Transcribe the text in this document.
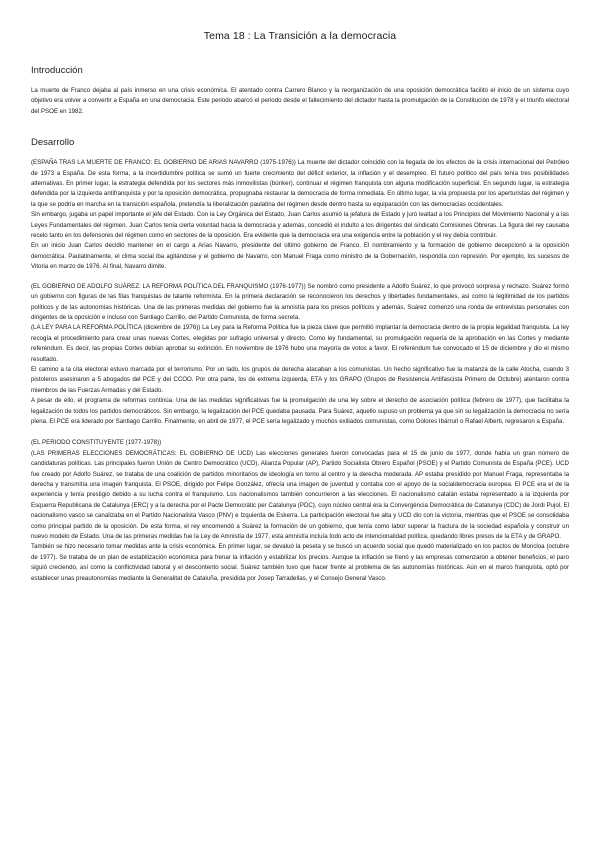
Tema 18 : La Transición a la democracia
Introducción

La muerte de Franco dejaba al país inmerso en una crisis económica. El atentado contra Carrero Blanco y la reorganización de una oposición democrática facilitó el inicio de un sistema cuyo objetivo era volver a convertir a España en una democracia. Este periodo abarcó el periodo desde el fallecimiento del dictador hasta la promulgación de la Constitución de 1978 y el triunfo electoral del PSOE en 1982.

Desarrollo

(ESPAÑA TRAS LA MUERTE DE FRANCO: EL GOBIERNO DE ARIAS NAVARRO (1975-1976)) La muerte del dictador coincidió con la llegada de los efectos de la crisis internacional del Petróleo de 1973 a España. De esta forma, a la incertidumbre política se sumó un fuerte crecimiento del déficit exterior, la inflación y el desempleo. El futuro político del país tenía tres posibilidades alternativas. En primer lugar, la estrategia defendida por los sectores más inmovilistas (búnker), continuar el régimen franquista con alguna modificación superficial. En segundo lugar, la estrategia defendida por la izquierda antifranquista y por la oposición democrática, propugnaba restaurar la democracia de forma inmediata. En último lugar, la vía propuesta por los aperturistas del régimen y la que se podría en marcha en la transición española, pretendía la liberalización paulatina del régimen desde dentro hasta su equiparación con las democracias occidentales.

Sin embargo, jugaba un papel importante el jefe del Estado. Con la Ley Orgánica del Estado, Juan Carlos asumió la jefatura de Estado y juró lealtad a los Principios del Movimiento Nacional y a las Leyes Fundamentales del régimen. Juan Carlos tenía cierta voluntad hacia la democracia y además, concedió el indulto a los dirigentes del sindicato Comisiones Obreras. La figura del rey causaba recelo tanto en los defensores del régimen como en sectores de la oposición. Era evidente que la democracia era una exigencia entre la población y el rey debía contribuir.

En un inicio Juan Carlos decidió mantener en el cargo a Arias Navarro, presidente del último gobierno de Franco. El nombramiento y la formación de gobierno decepcionó a la oposición democrática. Paulatinamente, el clima social iba agitándose y el gobierno de Navarro, con Manuel Fraga como ministro de la Gobernación, respondía con represión. Por ejemplo, los sucesos de Vitoria en marzo de 1976. Al final, Navarro dimite.

(EL GOBIERNO DE ADOLFO SUÁREZ: LA REFORMA POLÍTICA DEL FRANQUISMO (1976-1977)) Se nombró como presidente a Adolfo Suárez, lo que provocó sorpresa y rechazo. Suárez formó un gobierno con figuras de las filas franquistas de talante reformista. En la primera declaración se reconocieron los derechos y libertades fundamentales, así como la legitimidad de los partidos políticos y de las autonomías históricas. Una de las primeras medidas del gobierno fue la amnistía para los presos políticos y además, Suárez comenzó una ronda de entrevistas personales con dirigentes de la oposición e incluso con Santiago Carrillo, del Partido Comunista, de forma secreta.

(LA LEY PARA LA REFORMA POLÍTICA (diciembre de 1976)) La Ley para la Reforma Política fue la pieza clave que permitió implantar la democracia dentro de la propia legalidad franquista. La ley recogía el procedimiento para crear unas nuevas Cortes, elegidas por sufragio universal y directo. Como ley fundamental, su promulgación requería de la aprobación en las Cortes y mediante referéndum. Es decir, las propias Cortes debían aprobar su extinción. En noviembre de 1976 hubo una mayoría de votos a favor. El referéndum fue convocado el 15 de diciembre y dio el mismo resultado.

El camino a la cita electoral estuvo marcada por el terrorismo. Por un lado, los grupos de derecha atacaban a los comunistas. Un hecho significativo fue la matanza de la calle Atocha, cuando 3 pistoleros asesinaron a 5 abogados del PCE y del CCOO. Por otra parte, los de extrema izquierda, ETA y los GRAPO (Grupos de Resistencia Antifascista Primero de Octubre) atentaron contra miembros de las Fuerzas Armadas y del Estado.

A pesar de ello, el programa de reformas continúa. Una de las medidas significativas fue la promulgación de una ley sobre el derecho de asociación política (febrero de 1977), que facilitaba la legalización de todos los partidos democráticos. Sin embargo, la legalización del PCE quedaba pausada. Para Suárez, aquello supuso un problema ya que sin su legalización la democracia no sería plena. El PCE era liderado por Santiago Carrillo. Finalmente, en abril de 1977, el PCE sería legalizado y muchos exiliados comunistas, como Dolores Ibárruri o Rafael Alberti, regresaron a España.

(EL PERIODO CONSTITUYENTE (1977-1978))

(LAS PRIMERAS ELECCIONES DEMOCRÁTICAS: EL GOBIERNO DE UCD) Las elecciones generales fueron convocadas para el 15 de junio de 1977, donde había un gran número de candidaturas políticas. Las principales fueron Unión de Centro Democrático (UCD), Alianza Popular (AP), Partido Socialista Obrero Español (PSOE) y el Partido Comunista de España (PCE). UCD fue creado por Adolfo Suárez, se trataba de una coalición de partidos minoritarios de ideología en torno al centro y la derecha moderada. AP estaba presidido por Manuel Fraga, representaba la derecha y transmitía una imagen franquista. El PSOE, dirigido por Felipe González, ofrecía una imagen de juventud y contaba con el apoyo de la socialdemocracia europea. El PCE era el de la experiencia y tenía prestigio debido a su lucha contra el franquismo. Los nacionalismos también concurrieron a las elecciones. El nacionalismo catalán estaba representado a la izquierda por Esquerra Republicana de Catalunya (ERC) y a la derecha por el Pacte Democràtic per Catalunya (PDC), cuyo núcleo central era la Convergència Democràtica de Catalunya (CDC) de Jordi Pujol. El nacionalismo vasco se canalizaba en el Partido Nacionalista Vasco (PNV) e Izquierda de Eskerra. La participación electoral fue alta y UCD dio con la victoria, mientras que el PSOE se consolidaba como principal partido de la oposición. De esta forma, el rey encomendó a Suárez la formación de un gobierno, que tenía como labor superar la fractura de la sociedad española y construir un nuevo modelo de Estado. Una de las primeras medidas fue la Ley de Amnistía de 1977, esta amnistía incluía todo acto de intencionalidad política, quedando libres presos de la ETA y de GRAPO.

También se hizo necesario tomar medidas ante la crisis económica. En primer lugar, se devaluó la peseta y se buscó un acuerdo social que quedó materializado en los pactos de Moncloa (octubre de 1977). Se trataba de un plan de estabilización económica para frenar la inflación y estabilizar los precios. Aunque la inflación se frenó y las empresas comenzaron a obtener beneficios, el paro siguió creciendo, así como la conflictividad laboral y el descontento social. Suárez también tuvo que hacer frente al problema de las autonomías históricas. Aún en el marco franquista, optó por establecer unas preautonomías mediante la Generalitat de Cataluña, presidida por Josep Tarradellas, y el Consejo General Vasco.
